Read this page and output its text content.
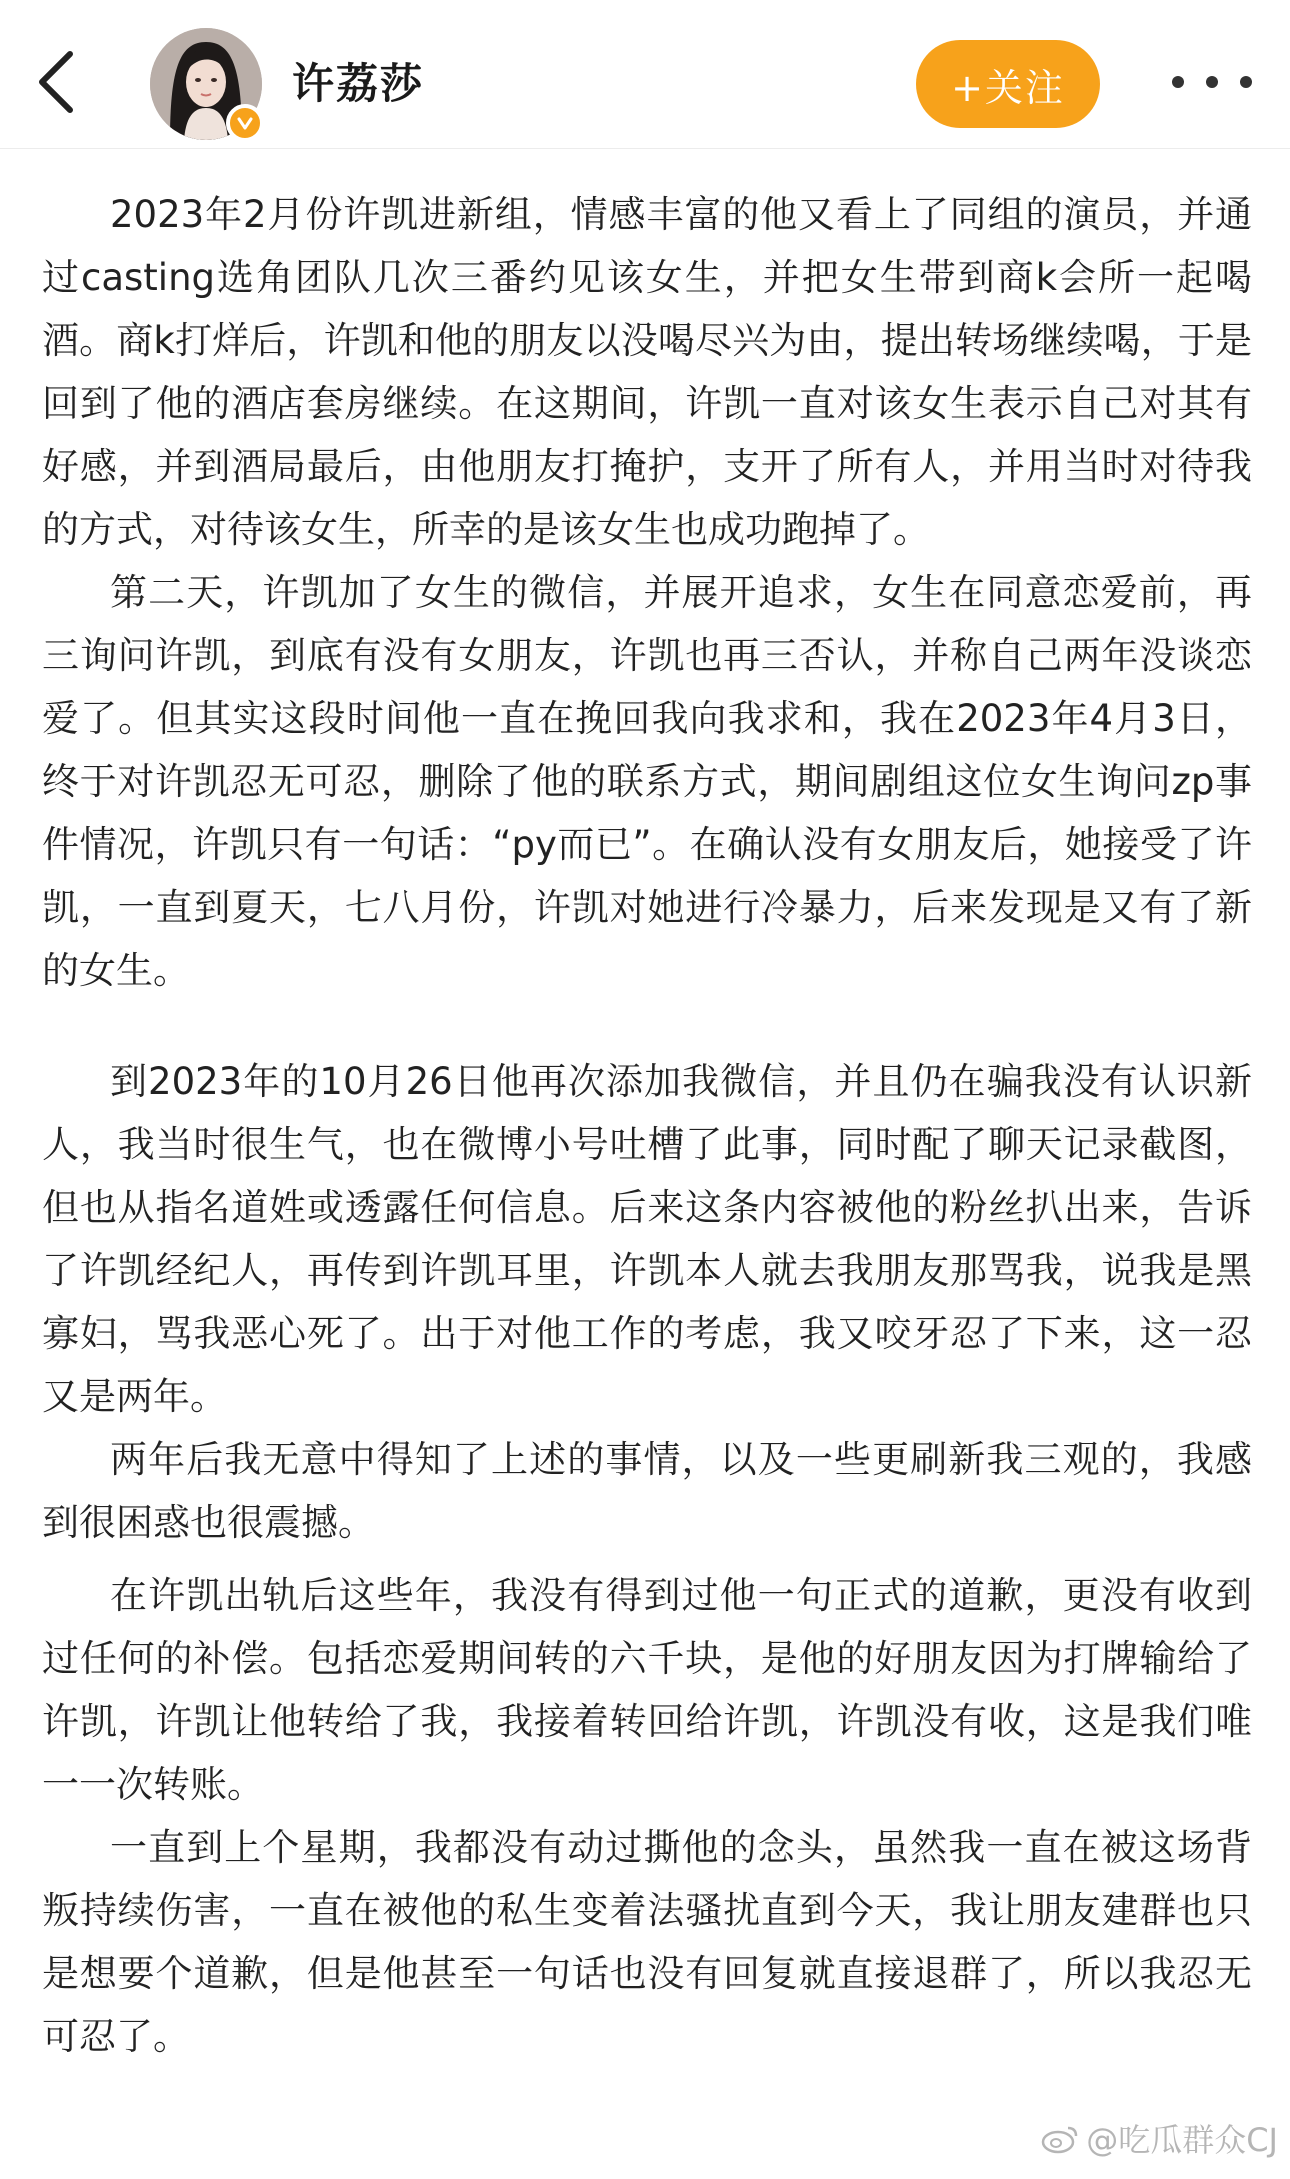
许荔莎	+关注

2023年2月份许凯进新组，情感丰富的他又看上了同组的演员，并通过casting选角团队几次三番约见该女生，并把女生带到商k会所一起喝酒。商k打烊后，许凯和他的朋友以没喝尽兴为由，提出转场继续喝，于是回到了他的酒店套房继续。在这期间，许凯一直对该女生表示自己对其有好感，并到酒局最后，由他朋友打掩护，支开了所有人，并用当时对待我的方式，对待该女生，所幸的是该女生也成功跑掉了。

第二天，许凯加了女生的微信，并展开追求，女生在同意恋爱前，再三询问许凯，到底有没有女朋友，许凯也再三否认，并称自己两年没谈恋爱了。但其实这段时间他一直在挽回我向我求和，我在2023年4月3日，终于对许凯忍无可忍，删除了他的联系方式，期间剧组这位女生询问zp事件情况，许凯只有一句话：“py而已”。在确认没有女朋友后，她接受了许凯，一直到夏天，七八月份，许凯对她进行冷暴力，后来发现是又有了新的女生。

到2023年的10月26日他再次添加我微信，并且仍在骗我没有认识新人，我当时很生气，也在微博小号吐槽了此事，同时配了聊天记录截图，但也从指名道姓或透露任何信息。后来这条内容被他的粉丝扒出来，告诉了许凯经纪人，再传到许凯耳里，许凯本人就去我朋友那骂我，说我是黑寡妇，骂我恶心死了。出于对他工作的考虑，我又咬牙忍了下来，这一忍又是两年。

两年后我无意中得知了上述的事情，以及一些更刷新我三观的，我感到很困惑也很震撼。

在许凯出轨后这些年，我没有得到过他一句正式的道歉，更没有收到过任何的补偿。包括恋爱期间转的六千块，是他的好朋友因为打牌输给了许凯，许凯让他转给了我，我接着转回给许凯，许凯没有收，这是我们唯一一次转账。

一直到上个星期，我都没有动过撕他的念头，虽然我一直在被这场背叛持续伤害，一直在被他的私生变着法骚扰直到今天，我让朋友建群也只是想要个道歉，但是他甚至一句话也没有回复就直接退群了，所以我忍无可忍了。

@吃瓜群众CJ
